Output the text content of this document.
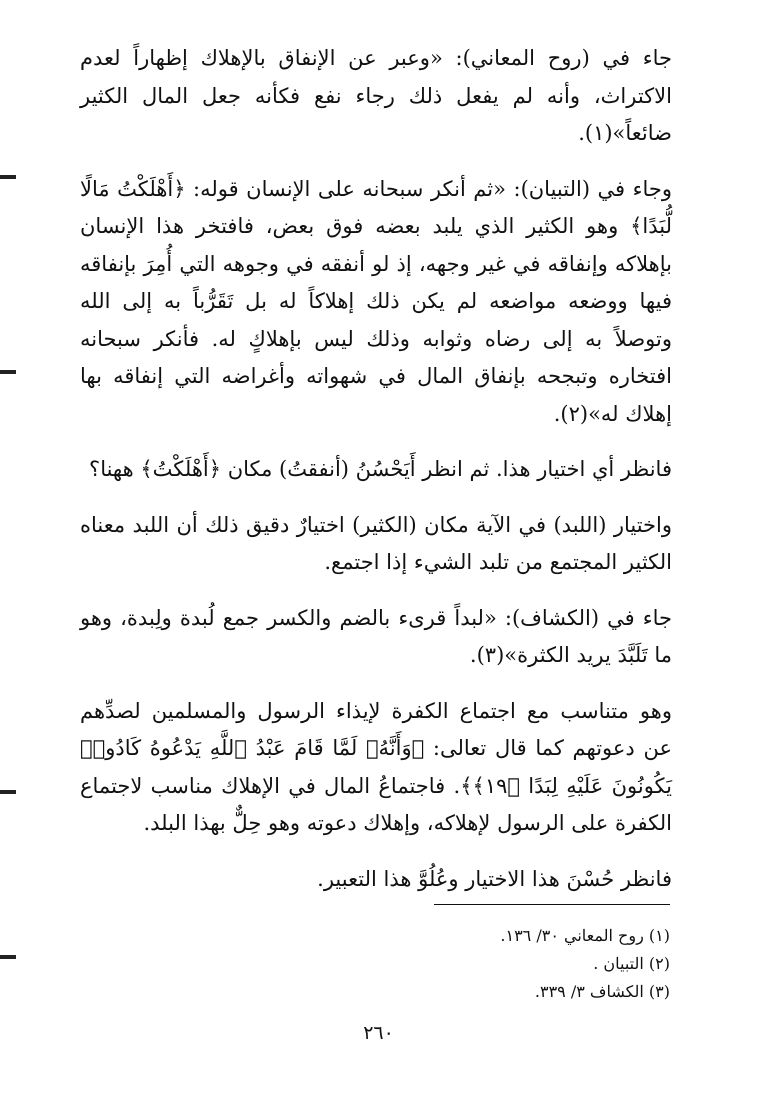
جاء في (روح المعاني): «وعبر عن الإنفاق بالإهلاك إظهاراً لعدم الاكتراث، وأنه لم يفعل ذلك رجاء نفع فكأنه جعل المال الكثير ضائعاً»(١).

وجاء في (التبيان): «ثم أنكر سبحانه على الإنسان قوله: ﴿أَهْلَكْتُ مَالًا لُّبَدًا﴾ وهو الكثير الذي يلبد بعضه فوق بعض، فافتخر هذا الإنسان بإهلاكه وإنفاقه في غير وجهه، إذ لو أنفقه في وجوهه التي أُمِرَ بإنفاقه فيها ووضعه مواضعه لم يكن ذلك إهلاكاً له بل تَقَرُّباً به إلى الله وتوصلاً به إلى رضاه وثوابه وذلك ليس بإهلاكٍ له. فأنكر سبحانه افتخاره وتبجحه بإنفاق المال في شهواته وأغراضه التي إنفاقه بها إهلاك له»(٢).

فانظر أي اختيار هذا. ثم انظر أَيَحْسُنُ (أنفقتُ) مكان ﴿أَهْلَكْتُ﴾ ههنا؟

واختيار (اللبد) في الآية مكان (الكثير) اختيارٌ دقيق ذلك أن اللبد معناه الكثير المجتمع من تلبد الشيء إذا اجتمع.

جاء في (الكشاف): «لبداً قرىء بالضم والكسر جمع لُبدة ولِبدة، وهو ما تَلَبَّدَ يريد الكثرة»(٣).

وهو متناسب مع اجتماع الكفرة لإيذاء الرسول والمسلمين لصدِّهم عن دعوتهم كما قال تعالى: ﴿وَأَنَّهُۥ لَمَّا قَامَ عَبْدُ ٱللَّهِ يَدْعُوهُ كَادُوا۟ يَكُونُونَ عَلَيْهِ لِبَدًا ﴿١٩﴾﴾. فاجتماعُ المال في الإهلاك مناسب لاجتماع الكفرة على الرسول لإهلاكه، وإهلاك دعوته وهو حِلٌّ بهذا البلد.

فانظر حُسْنَ هذا الاختيار وعُلُوَّ هذا التعبير.

(١) روح المعاني ٣٠/ ١٣٦.
(٢) التبيان .
(٣) الكشاف ٣/ ٣٣٩.
٢٦٠
